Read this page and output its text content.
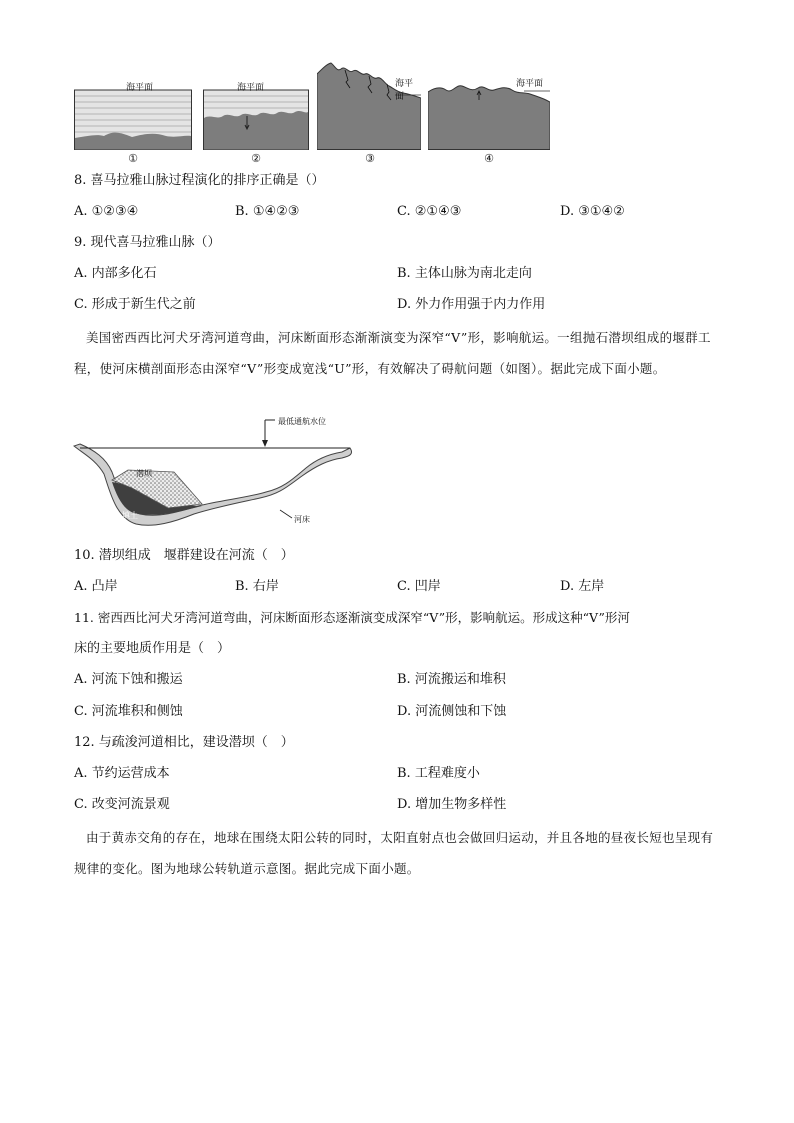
海平面
①
海平面
②
海平面
③
海平面
④
8. 喜马拉雅山脉过程演化的排序正确是（）
A. ①②③④	B. ①④②③	C. ②①④③	D. ③①④②
9. 现代喜马拉雅山脉（）
A. 内部多化石	B. 主体山脉为南北走向
C. 形成于新生代之前	D. 外力作用强于内力作用
美国密西西比河犬牙湾河道弯曲，河床断面形态渐渐演变为深窄“V”形，影响航运。一组抛石潜坝组成的堰群工程，使河床横剖面形态由深窄“V”形变成宽浅“U”形，有效解决了碍航问题（如图）。据此完成下面小题。
最低通航水位
潜坝
填土	河床
10. 潜坝组成　堰群建设在河流（　）
A. 凸岸	B. 右岸	C. 凹岸	D. 左岸
11. 密西西比河犬牙湾河道弯曲，河床断面形态逐渐演变成深窄“V”形，影响航运。形成这种“V”形河
床的主要地质作用是（　）
A. 河流下蚀和搬运	B. 河流搬运和堆积
C. 河流堆积和侧蚀	D. 河流侧蚀和下蚀
12. 与疏浚河道相比，建设潜坝（　）
A. 节约运营成本	B. 工程难度小
C. 改变河流景观	D. 增加生物多样性
由于黄赤交角的存在，地球在围绕太阳公转的同时，太阳直射点也会做回归运动，并且各地的昼夜长短也呈现有规律的变化。图为地球公转轨道示意图。据此完成下面小题。
